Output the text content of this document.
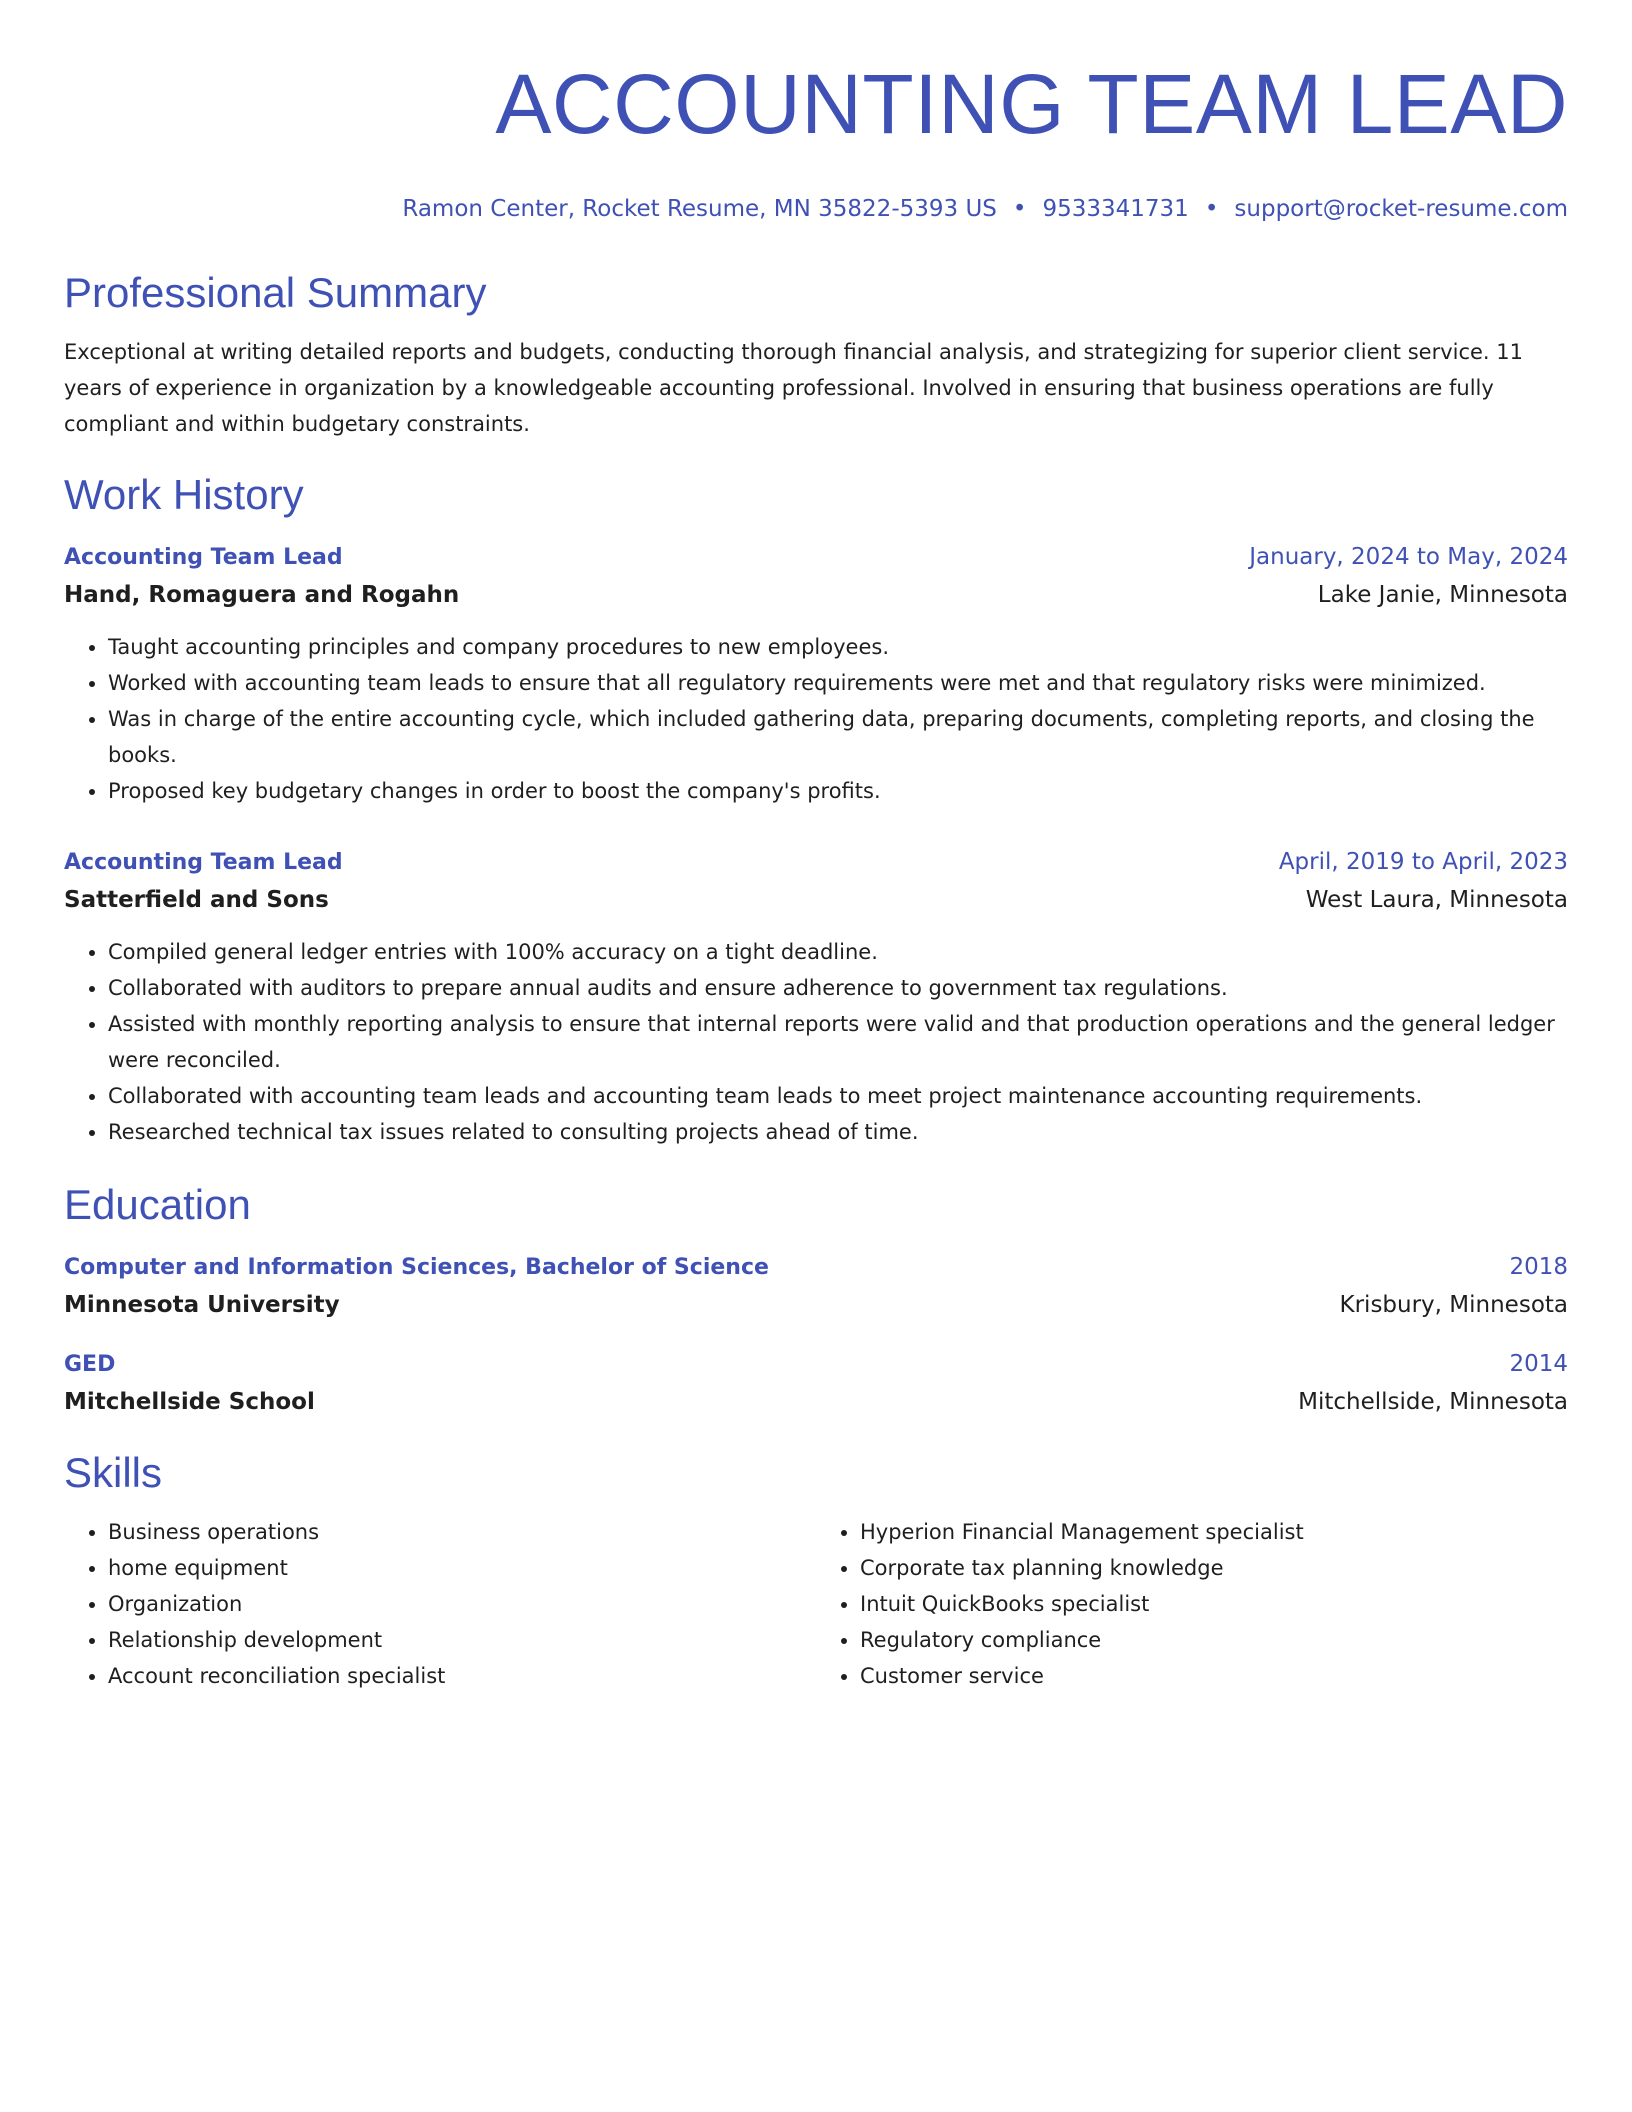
ACCOUNTING TEAM LEAD
Ramon Center, Rocket Resume, MN 35822-5393 US • 9533341731 • support@rocket-resume.com
Professional Summary

Exceptional at writing detailed reports and budgets, conducting thorough financial analysis, and strategizing for superior client service. 11 years of experience in organization by a knowledgeable accounting professional. Involved in ensuring that business operations are fully compliant and within budgetary constraints.

Work History
Accounting Team Lead	January, 2024 to May, 2024
Hand, Romaguera and Rogahn	Lake Janie, Minnesota
• Taught accounting principles and company procedures to new employees.
• Worked with accounting team leads to ensure that all regulatory requirements were met and that regulatory risks were minimized.
• Was in charge of the entire accounting cycle, which included gathering data, preparing documents, completing reports, and closing the books.
• Proposed key budgetary changes in order to boost the company's profits.
Accounting Team Lead	April, 2019 to April, 2023
Satterfield and Sons	West Laura, Minnesota
• Compiled general ledger entries with 100% accuracy on a tight deadline.
• Collaborated with auditors to prepare annual audits and ensure adherence to government tax regulations.
• Assisted with monthly reporting analysis to ensure that internal reports were valid and that production operations and the general ledger were reconciled.
• Collaborated with accounting team leads and accounting team leads to meet project maintenance accounting requirements.
• Researched technical tax issues related to consulting projects ahead of time.
Education
Computer and Information Sciences, Bachelor of Science	2018
Minnesota University	Krisbury, Minnesota
GED	2014
Mitchellside School	Mitchellside, Minnesota
Skills
• Business operations
• home equipment
• Organization
• Relationship development
• Account reconciliation specialist
• Hyperion Financial Management specialist
• Corporate tax planning knowledge
• Intuit QuickBooks specialist
• Regulatory compliance
• Customer service
